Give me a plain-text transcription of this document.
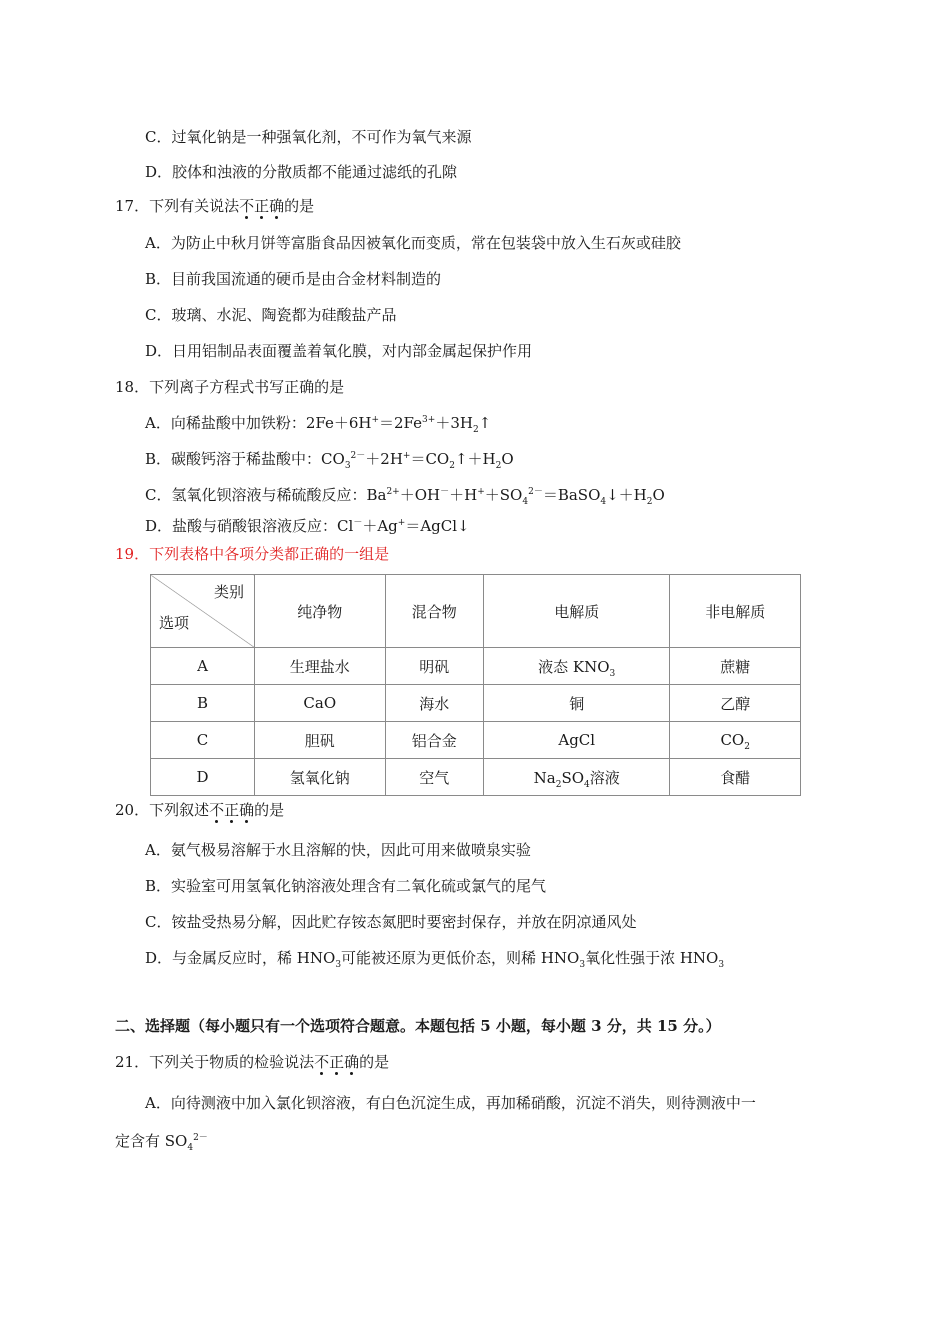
C．过氧化钠是一种强氧化剂，不可作为氧气来源
D．胶体和浊液的分散质都不能通过滤纸的孔隙
17．下列有关说法不正确的是
A．为防止中秋月饼等富脂食品因被氧化而变质，常在包装袋中放入生石灰或硅胶
B．目前我国流通的硬币是由合金材料制造的
C．玻璃、水泥、陶瓷都为硅酸盐产品
D．日用铝制品表面覆盖着氧化膜，对内部金属起保护作用
18．下列离子方程式书写正确的是
A．向稀盐酸中加铁粉：$2Fe+6H^+=2Fe^{3+}+3H_2↑$
B．碳酸钙溶于稀盐酸中：$CO_3^{2-}+2H^+=CO_2↑+H_2O$
C．氢氧化钡溶液与稀硫酸反应：$Ba^{2+}+OH^-+H^++SO_4^{2-}=BaSO_4↓+H_2O$
D．盐酸与硝酸银溶液反应：Cl－＋Ag+＝AgCl↓
19．下列表格中各项分类都正确的一组是
类别
选项	纯净物	混合物	电解质	非电解质
A	生理盐水	明矾	液态 $KNO_3$	蔗糖
B	CaO	海水	铜	乙醇
C	胆矾	铝合金	AgCl	$CO_2$
D	氢氧化钠	空气	$Na_2SO_4$溶液	食醋
20．下列叙述不正确的是
A．氨气极易溶解于水且溶解的快，因此可用来做喷泉实验
B．实验室可用氢氧化钠溶液处理含有二氧化硫或氯气的尾气
C．铵盐受热易分解，因此贮存铵态氮肥时要密封保存，并放在阴凉通风处
D．与金属反应时，稀 $HNO_3$可能被还原为更低价态，则稀 $HNO_3$氧化性强于浓 $HNO_3$
二、选择题（每小题只有一个选项符合题意。本题包括 5 小题，每小题 3 分，共 15 分。）
21．下列关于物质的检验说法不正确的是
A．向待测液中加入氯化钡溶液，有白色沉淀生成，再加稀硝酸，沉淀不消失，则待测液中一
定含有 $SO_4^{2-}$
